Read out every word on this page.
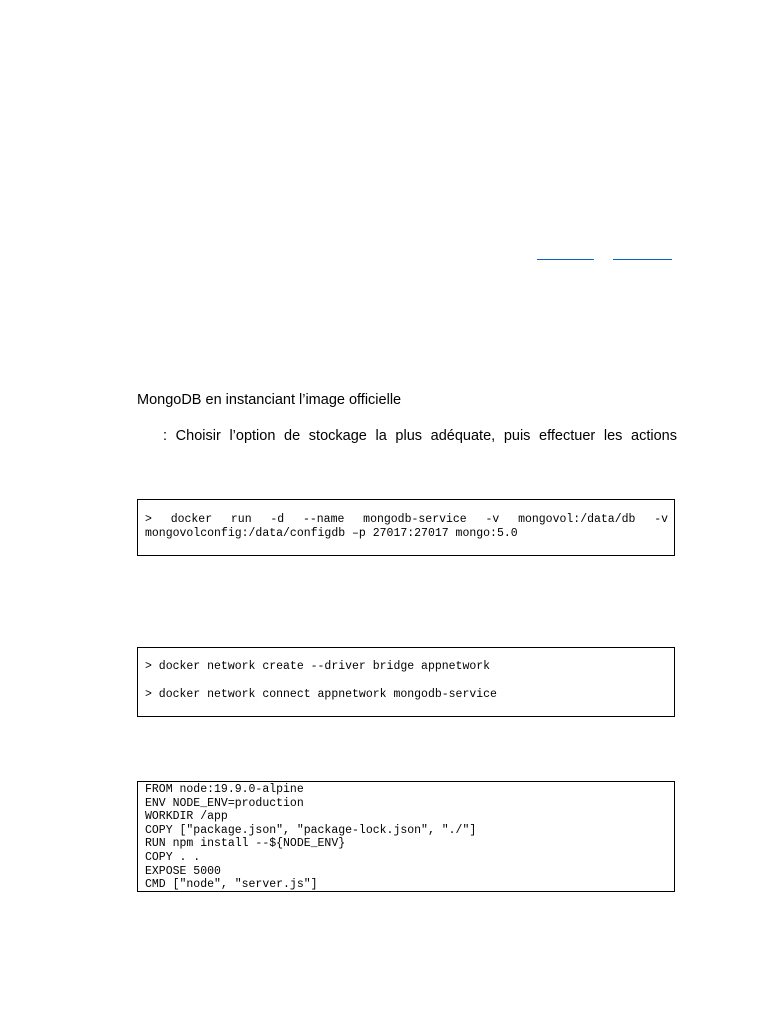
MongoDB en instanciant l’image officielle
: Choisir l’option de stockage la plus adéquate, puis effectuer les actions
> docker run -d --name mongodb-service -v mongovol:/data/db -v
mongovolconfig:/data/configdb –p 27017:27017 mongo:5.0
> docker network create --driver bridge appnetwork
> docker network connect appnetwork mongodb-service
FROM node:19.9.0-alpine
ENV NODE_ENV=production
WORKDIR /app
COPY ["package.json", "package-lock.json", "./"]
RUN npm install --${NODE_ENV}
COPY . .
EXPOSE 5000
CMD ["node", "server.js"]
